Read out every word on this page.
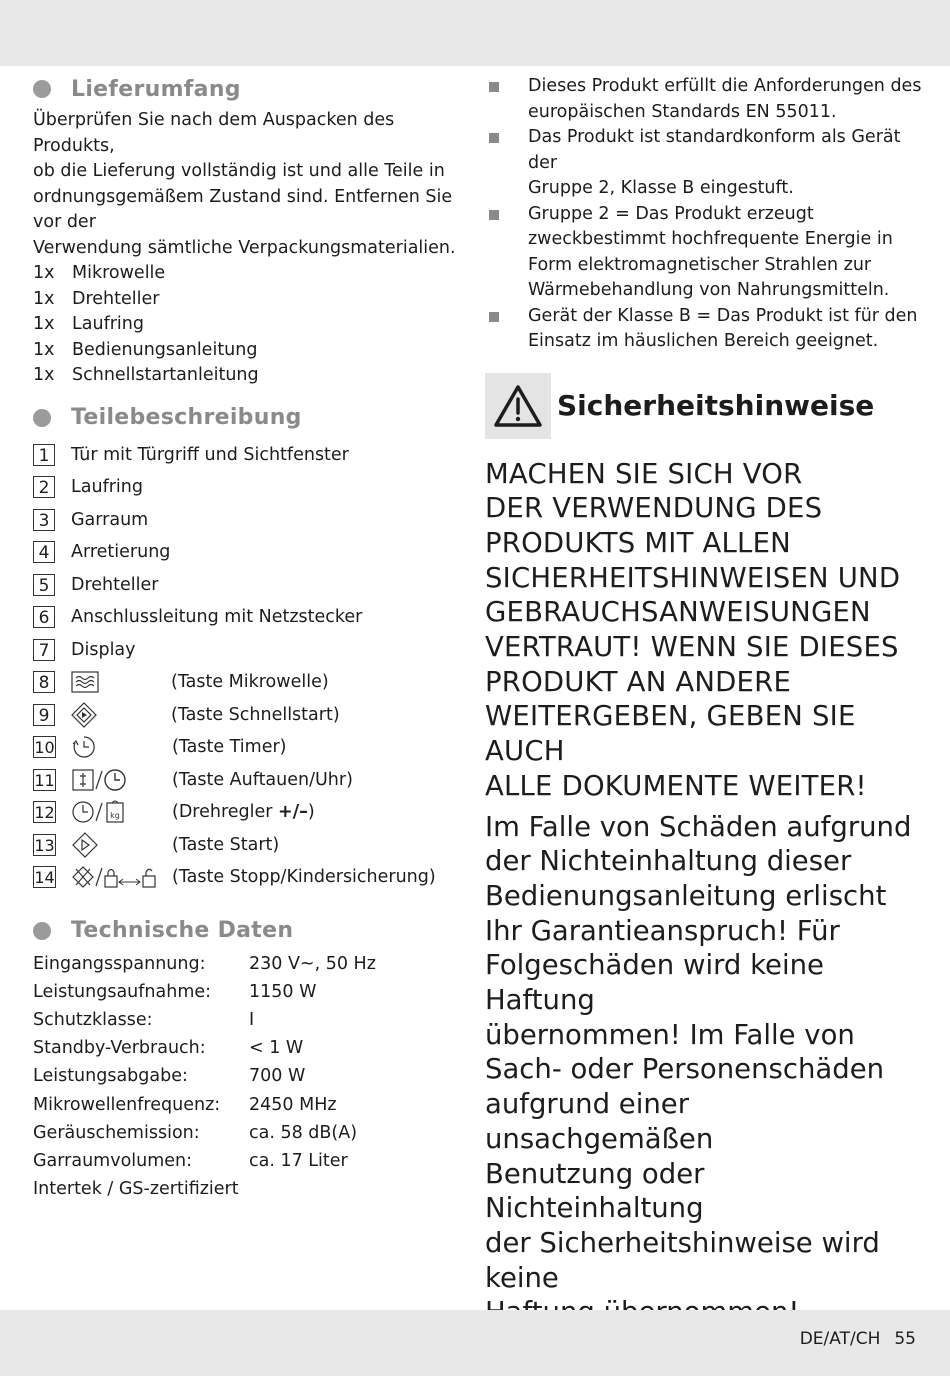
Lieferumfang
Überprüfen Sie nach dem Auspacken des Produkts,
ob die Lieferung vollständig ist und alle Teile in
ordnungsgemäßem Zustand sind. Entfernen Sie vor der
Verwendung sämtliche Verpackungsmaterialien.
1x	Mikrowelle
1x	Drehteller
1x	Laufring
1x	Bedienungsanleitung
1x	Schnellstartanleitung
Teilebeschreibung
1	Tür mit Türgriff und Sichtfenster
2	Laufring
3	Garraum
4	Arretierung
5	Drehteller
6	Anschlussleitung mit Netzstecker
7	Display
8	(Taste Mikrowelle)
9	(Taste Schnellstart)
10	(Taste Timer)
11	(Taste Auftauen/Uhr)
12	kg	(Drehregler +/–)
13	(Taste Start)
14	(Taste Stopp/Kindersicherung)
Technische Daten
Eingangsspannung:	230 V~, 50 Hz
Leistungsaufnahme:	1150 W
Schutzklasse:	I
Standby-Verbrauch:	< 1 W
Leistungsabgabe:	700 W
Mikrowellenfrequenz:	2450 MHz
Geräuschemission:	ca. 58 dB(A)
Garraumvolumen:	ca. 17 Liter
Intertek / GS-zertifiziert
Dieses Produkt erfüllt die Anforderungen des
europäischen Standards EN 55011.
Das Produkt ist standardkonform als Gerät der
Gruppe 2, Klasse B eingestuft.
Gruppe 2 = Das Produkt erzeugt
zweckbestimmt hochfrequente Energie in
Form elektromagnetischer Strahlen zur
Wärmebehandlung von Nahrungsmitteln.
Gerät der Klasse B = Das Produkt ist für den
Einsatz im häuslichen Bereich geeignet.
Sicherheitshinweise
MACHEN SIE SICH VOR
DER VERWENDUNG DES
PRODUKTS MIT ALLEN
SICHERHEITSHINWEISEN UND
GEBRAUCHSANWEISUNGEN
VERTRAUT! WENN SIE DIESES
PRODUKT AN ANDERE
WEITERGEBEN, GEBEN SIE AUCH
ALLE DOKUMENTE WEITER!
Im Falle von Schäden aufgrund
der Nichteinhaltung dieser
Bedienungsanleitung erlischt
Ihr Garantieanspruch! Für
Folgeschäden wird keine Haftung
übernommen! Im Falle von
Sach- oder Personenschäden
aufgrund einer unsachgemäßen
Benutzung oder Nichteinhaltung
der Sicherheitshinweise wird keine
DE/AT/CH 55
